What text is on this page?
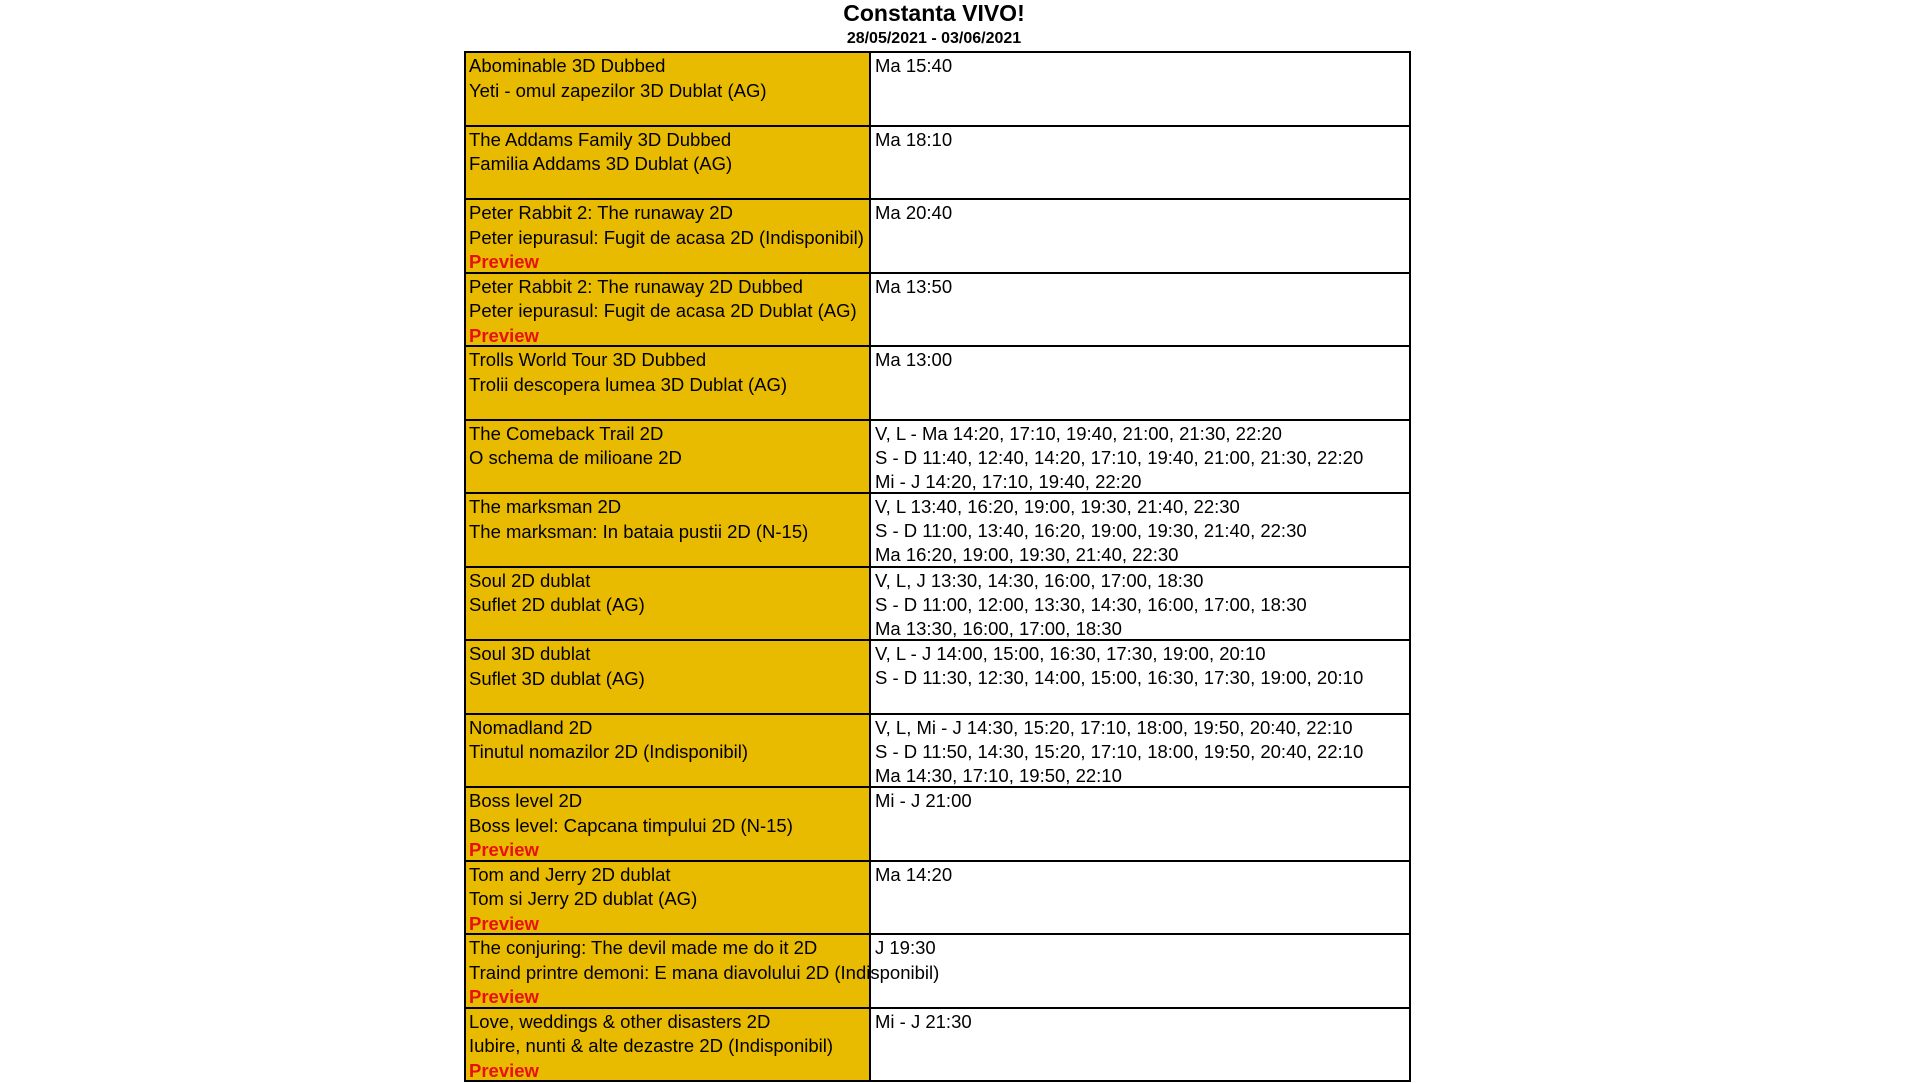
Constanta VIVO!
28/05/2021 - 03/06/2021
Abominable 3D Dubbed
Yeti - omul zapezilor 3D Dublat (AG)
Ma 15:40
The Addams Family 3D Dubbed
Familia Addams 3D Dublat (AG)
Ma 18:10
Peter Rabbit 2: The runaway 2D
Peter iepurasul: Fugit de acasa 2D (Indisponibil)
Preview
Ma 20:40
Peter Rabbit 2: The runaway 2D Dubbed
Peter iepurasul: Fugit de acasa 2D Dublat (AG)
Preview
Ma 13:50
Trolls World Tour 3D Dubbed
Trolii descopera lumea 3D Dublat (AG)
Ma 13:00
The Comeback Trail 2D
O schema de milioane 2D
V, L - Ma 14:20, 17:10, 19:40, 21:00, 21:30, 22:20
S - D 11:40, 12:40, 14:20, 17:10, 19:40, 21:00, 21:30, 22:20
Mi - J 14:20, 17:10, 19:40, 22:20
The marksman 2D
The marksman: In bataia pustii 2D (N-15)
V, L 13:40, 16:20, 19:00, 19:30, 21:40, 22:30
S - D 11:00, 13:40, 16:20, 19:00, 19:30, 21:40, 22:30
Ma 16:20, 19:00, 19:30, 21:40, 22:30
Soul 2D dublat
Suflet 2D dublat (AG)
V, L, J 13:30, 14:30, 16:00, 17:00, 18:30
S - D 11:00, 12:00, 13:30, 14:30, 16:00, 17:00, 18:30
Ma 13:30, 16:00, 17:00, 18:30
Soul 3D dublat
Suflet 3D dublat (AG)
V, L - J 14:00, 15:00, 16:30, 17:30, 19:00, 20:10
S - D 11:30, 12:30, 14:00, 15:00, 16:30, 17:30, 19:00, 20:10
Nomadland 2D
Tinutul nomazilor 2D (Indisponibil)
V, L, Mi - J 14:30, 15:20, 17:10, 18:00, 19:50, 20:40, 22:10
S - D 11:50, 14:30, 15:20, 17:10, 18:00, 19:50, 20:40, 22:10
Ma 14:30, 17:10, 19:50, 22:10
Boss level 2D
Boss level: Capcana timpului 2D (N-15)
Preview
Mi - J 21:00
Tom and Jerry 2D dublat
Tom si Jerry 2D dublat (AG)
Preview
Ma 14:20
The conjuring: The devil made me do it 2D
Traind printre demoni: E mana diavolului 2D (Indisponibil)
Preview
J 19:30
Love, weddings & other disasters 2D
Iubire, nunti & alte dezastre 2D (Indisponibil)
Preview
Mi - J 21:30
